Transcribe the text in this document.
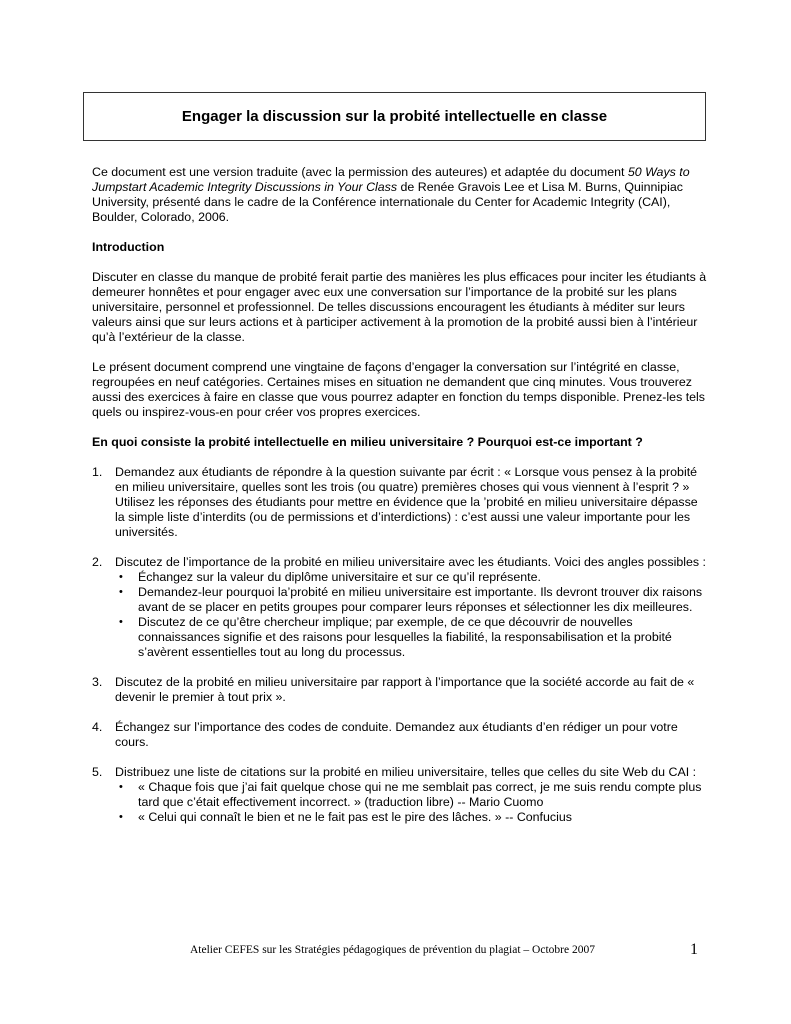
Engager la discussion sur la probité intellectuelle en classe

Ce document est une version traduite (avec la permission des auteures) et adaptée du document 50 Ways to Jumpstart Academic Integrity Discussions in Your Class de Renée Gravois Lee et Lisa M. Burns, Quinnipiac University, présenté dans le cadre de la Conférence internationale du Center for Academic Integrity (CAI), Boulder, Colorado, 2006.

Introduction

Discuter en classe du manque de probité ferait partie des manières les plus efficaces pour inciter les étudiants à demeurer honnêtes et pour engager avec eux une conversation sur l’importance de la probité sur les plans universitaire, personnel et professionnel. De telles discussions encouragent les étudiants à méditer sur leurs valeurs ainsi que sur leurs actions et à participer activement à la promotion de la probité aussi bien à l’intérieur qu’à l’extérieur de la classe.

Le présent document comprend une vingtaine de façons d’engager la conversation sur l’intégrité en classe, regroupées en neuf catégories. Certaines mises en situation ne demandent que cinq minutes. Vous trouverez aussi des exercices à faire en classe que vous pourrez adapter en fonction du temps disponible. Prenez-les tels quels ou inspirez-vous-en pour créer vos propres exercices.

En quoi consiste la probité intellectuelle en milieu universitaire ? Pourquoi est-ce important ?

1. Demandez aux étudiants de répondre à la question suivante par écrit : « Lorsque vous pensez à la probité en milieu universitaire, quelles sont les trois (ou quatre) premières choses qui vous viennent à l’esprit ? » Utilisez les réponses des étudiants pour mettre en évidence que la ’probité en milieu universitaire dépasse la simple liste d’interdits (ou de permissions et d’interdictions) : c’est aussi une valeur importante pour les universités.
2. Discutez de l’importance de la probité en milieu universitaire avec les étudiants. Voici des angles possibles :
• Échangez sur la valeur du diplôme universitaire et sur ce qu’il représente.
• Demandez-leur pourquoi la’probité en milieu universitaire est importante. Ils devront trouver dix raisons avant de se placer en petits groupes pour comparer leurs réponses et sélectionner les dix meilleures.
• Discutez de ce qu’être chercheur implique; par exemple, de ce que découvrir de nouvelles connaissances signifie et des raisons pour lesquelles la fiabilité, la responsabilisation et la probité s’avèrent essentielles tout au long du processus.
3. Discutez de la probité en milieu universitaire par rapport à l’importance que la société accorde au fait de « devenir le premier à tout prix ».
4. Échangez sur l’importance des codes de conduite. Demandez aux étudiants d’en rédiger un pour votre cours.
5. Distribuez une liste de citations sur la probité en milieu universitaire, telles que celles du site Web du CAI :
• « Chaque fois que j’ai fait quelque chose qui ne me semblait pas correct, je me suis rendu compte plus tard que c’était effectivement incorrect. » (traduction libre) -- Mario Cuomo
• « Celui qui connaît le bien et ne le fait pas est le pire des lâches. » -- Confucius
Atelier CEFES sur les Stratégies pédagogiques de prévention du plagiat – Octobre 2007	1
